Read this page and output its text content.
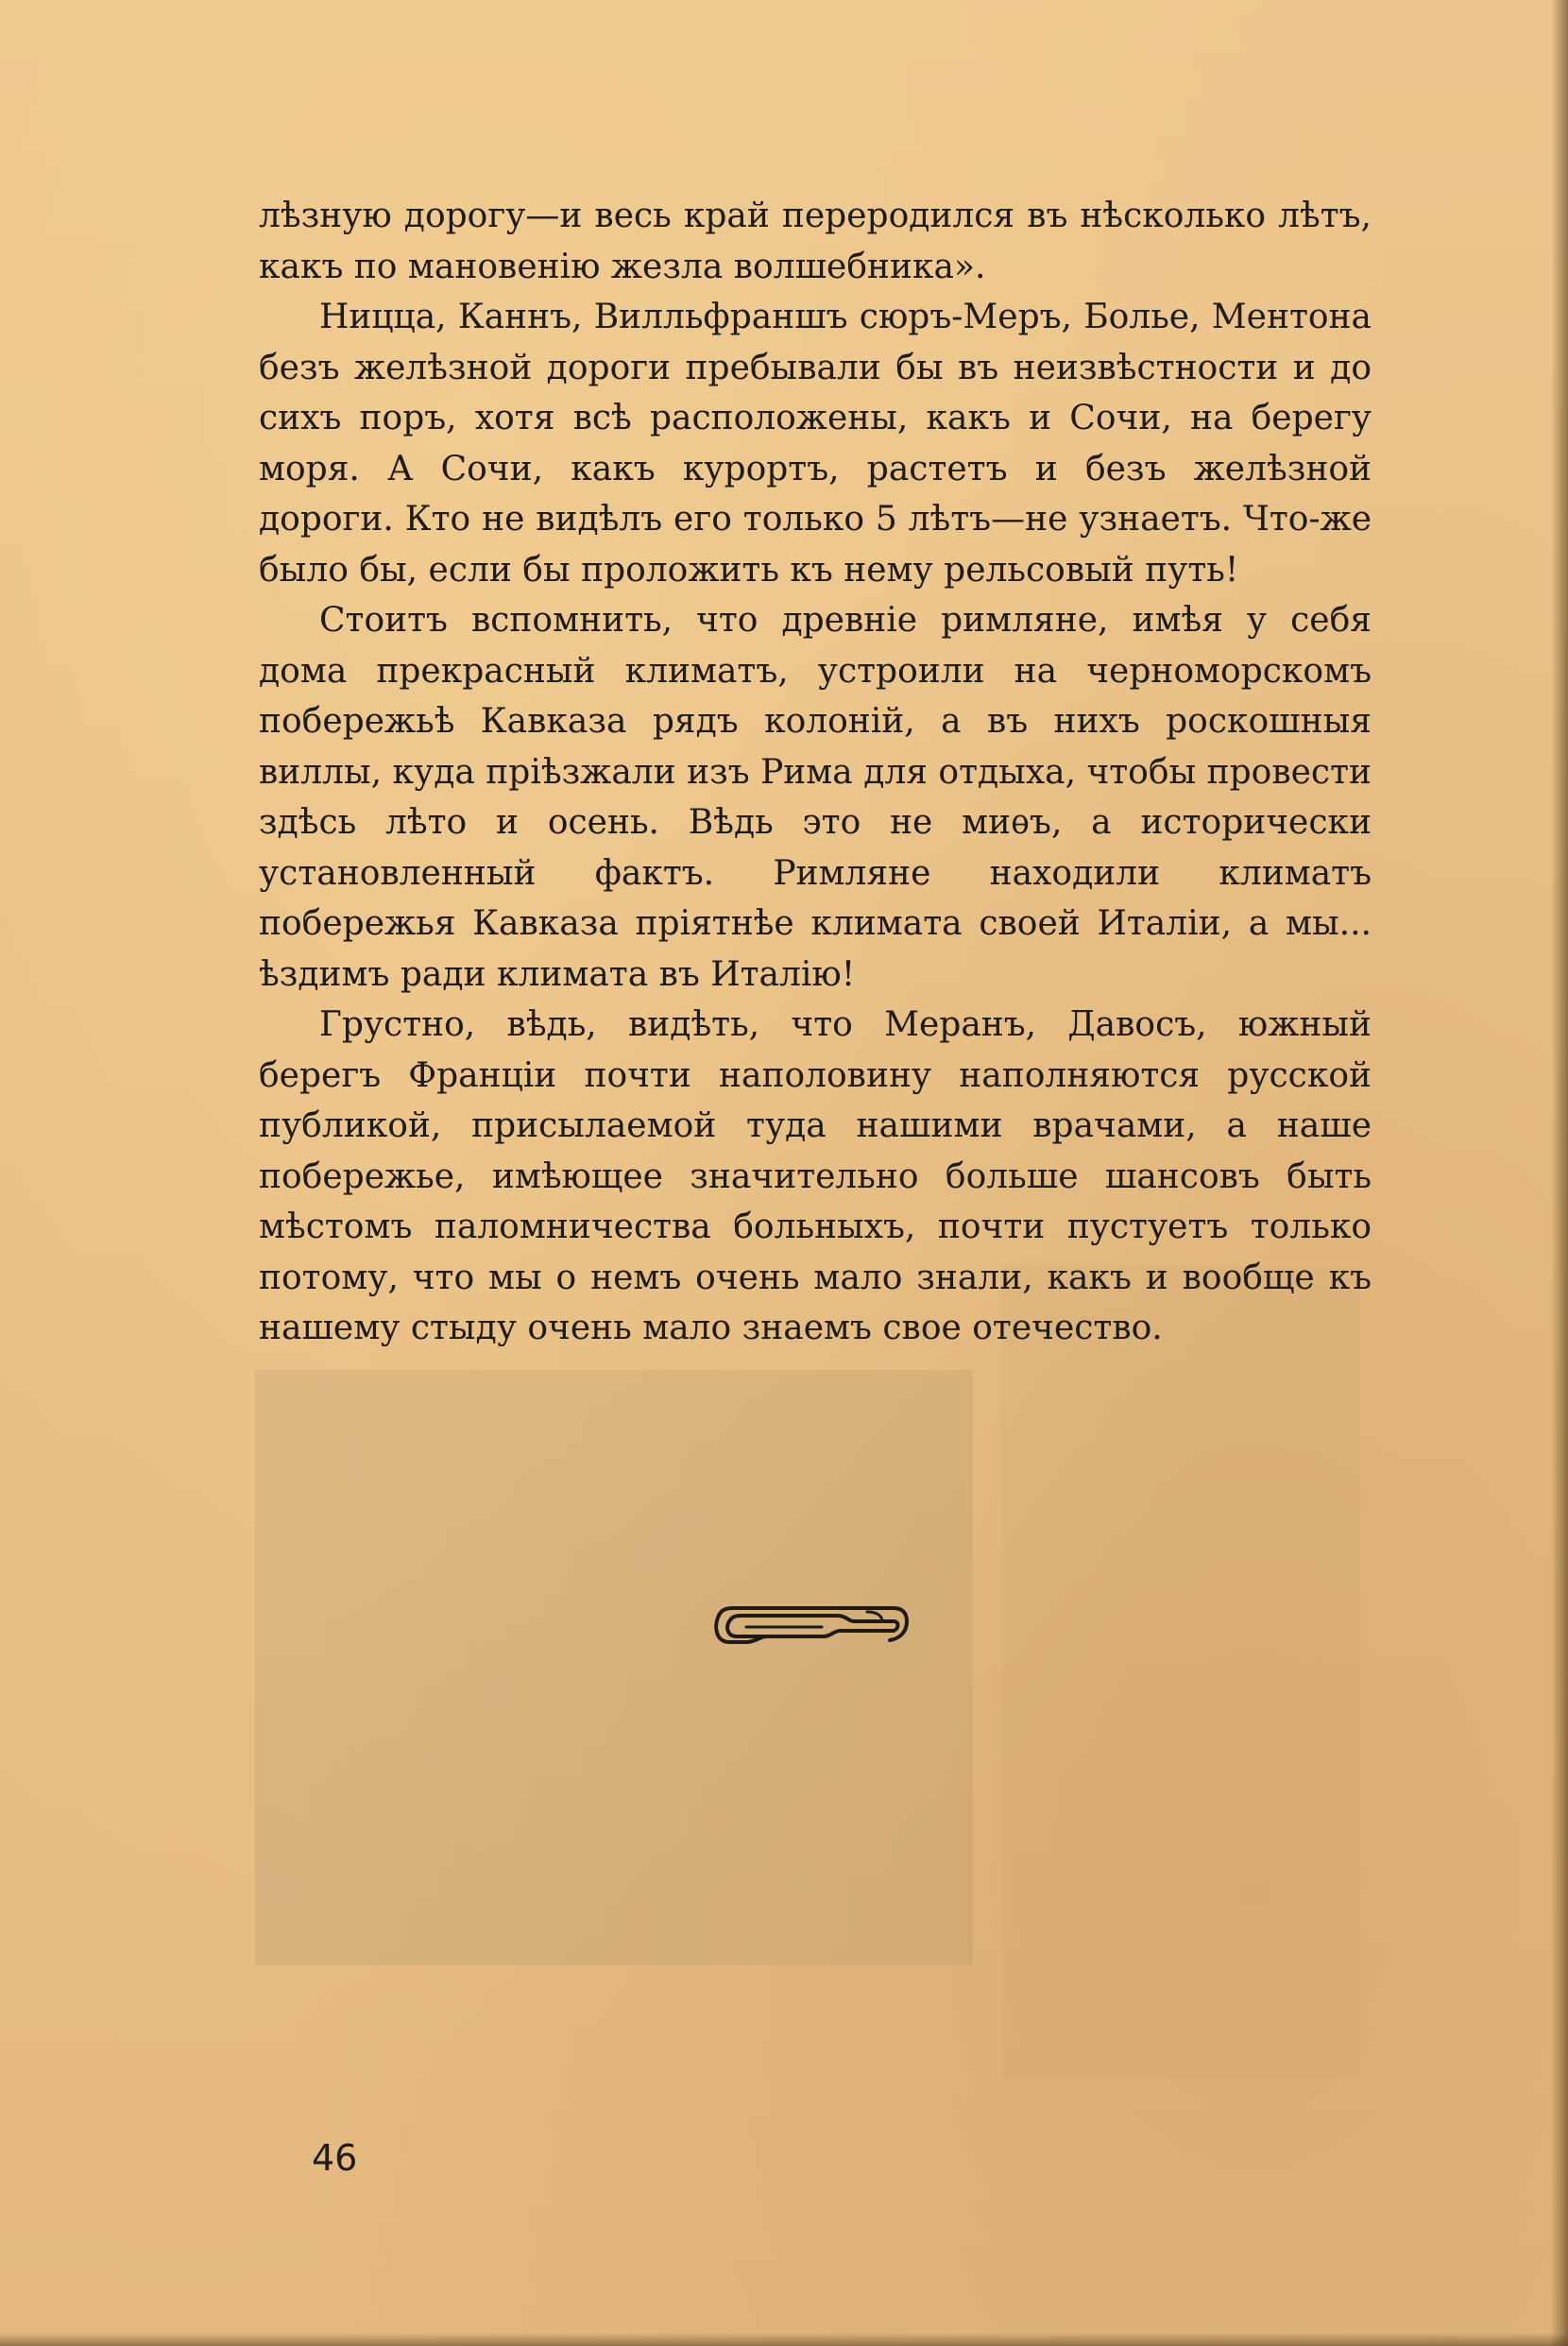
лѣзную дорогу—и весь край переродился въ нѣсколько лѣтъ, какъ по мановенію жезла волшебника».

Ницца, Каннъ, Вилльфраншъ сюръ-Меръ, Болье, Ментона безъ желѣзной дороги пребывали бы въ неизвѣстности и до сихъ поръ, хотя всѣ расположены, какъ и Сочи, на берегу моря. А Сочи, какъ курортъ, растетъ и безъ желѣзной дороги. Кто не видѣлъ его только 5 лѣтъ—не узнаетъ. Что-же было бы, если бы проложить къ нему рельсовый путь!

Стоитъ вспомнить, что древніе римляне, имѣя у себя дома прекрасный климатъ, устроили на черноморскомъ побережьѣ Кавказа рядъ колоній, а въ нихъ роскошныя виллы, куда пріѣзжали изъ Рима для отдыха, чтобы провести здѣсь лѣто и осень. Вѣдь это не миѳъ, а исторически установленный фактъ. Римляне находили климатъ побережья Кавказа пріятнѣе климата своей Италіи, а мы... ѣздимъ ради климата въ Италію!

Грустно, вѣдь, видѣть, что Меранъ, Давосъ, южный берегъ Франціи почти наполовину наполняются русской публикой, присылаемой туда нашими врачами, а наше побережье, имѣющее значительно больше шансовъ быть мѣстомъ паломничества больныхъ, почти пустуетъ только потому, что мы о немъ очень мало знали, какъ и вообще къ нашему стыду очень мало знаемъ свое отечество.

46
